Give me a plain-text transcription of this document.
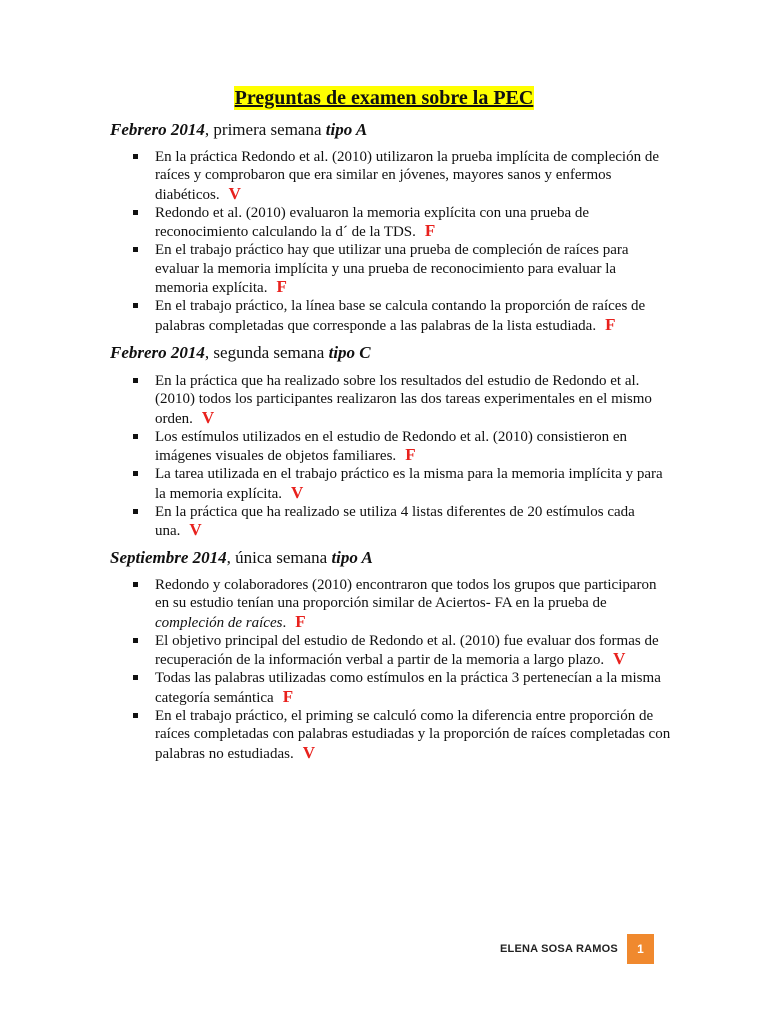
Preguntas de examen sobre la PEC
Febrero 2014, primera semana tipo A
En la práctica Redondo et al. (2010) utilizaron la prueba implícita de compleción de raíces y comprobaron que era similar en jóvenes, mayores sanos y enfermos diabéticos. V
Redondo et al. (2010) evaluaron la memoria explícita con una prueba de reconocimiento calculando la d´ de la TDS. F
En el trabajo práctico hay que utilizar una prueba de compleción de raíces para evaluar la memoria implícita y una prueba de reconocimiento para evaluar la memoria explícita. F
En el trabajo práctico, la línea base se calcula contando la proporción de raíces de palabras completadas que corresponde a las palabras de la lista estudiada. F
Febrero 2014, segunda semana tipo C
En la práctica que ha realizado sobre los resultados del estudio de Redondo et al. (2010) todos los participantes realizaron las dos tareas experimentales en el mismo orden. V
Los estímulos utilizados en el estudio de Redondo et al. (2010) consistieron en imágenes visuales de objetos familiares. F
La tarea utilizada en el trabajo práctico es la misma para la memoria implícita y para la memoria explícita. V
En la práctica que ha realizado se utiliza 4 listas diferentes de 20 estímulos cada una. V
Septiembre 2014, única semana tipo A
Redondo y colaboradores (2010) encontraron que todos los grupos que participaron en su estudio tenían una proporción similar de Aciertos- FA en la prueba de compleción de raíces. F
El objetivo principal del estudio de Redondo et al. (2010) fue evaluar dos formas de recuperación de la información verbal a partir de la memoria a largo plazo. V
Todas las palabras utilizadas como estímulos en la práctica 3 pertenecían a la misma categoría semántica F
En el trabajo práctico, el priming se calculó como la diferencia entre proporción de raíces completadas con palabras estudiadas y la proporción de raíces completadas con palabras no estudiadas. V
ELENA SOSA RAMOS	1
